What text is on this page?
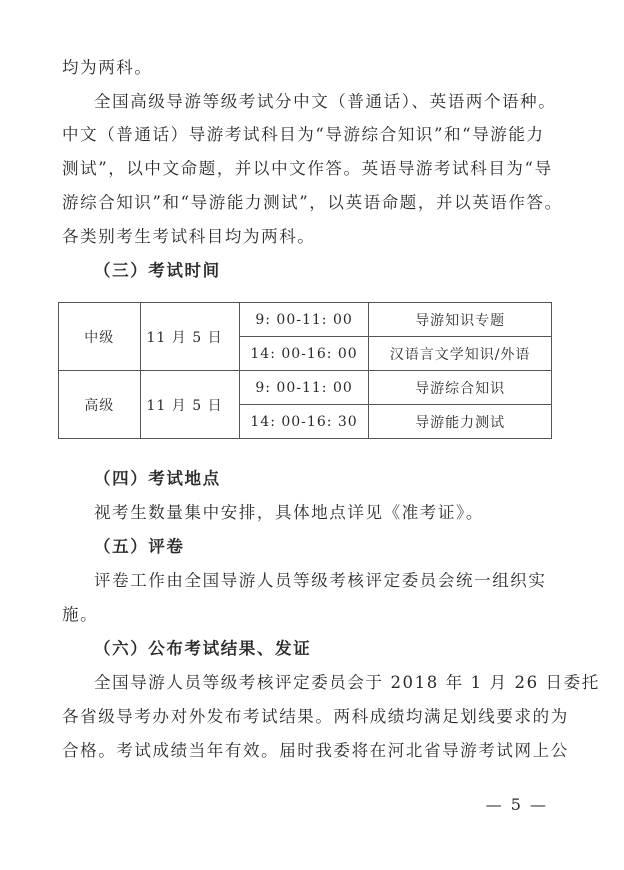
均为两科。
全国高级导游等级考试分中文（普通话）、英语两个语种。
中文（普通话）导游考试科目为“导游综合知识”和“导游能力
测试”，以中文命题，并以中文作答。英语导游考试科目为“导
游综合知识”和“导游能力测试”，以英语命题，并以英语作答。
各类别考生考试科目均为两科。
（三）考试时间
中级	11 月 5 日	9: 00-11: 00	导游知识专题
		14: 00-16: 00	汉语言文学知识/外语
高级	11 月 5 日	9: 00-11: 00	导游综合知识
		14: 00-16: 30	导游能力测试
（四）考试地点
视考生数量集中安排，具体地点详见《准考证》。
（五）评卷
评卷工作由全国导游人员等级考核评定委员会统一组织实
施。
（六）公布考试结果、发证
全国导游人员等级考核评定委员会于 2018 年 1 月 26 日委托
各省级导考办对外发布考试结果。两科成绩均满足划线要求的为
合格。考试成绩当年有效。届时我委将在河北省导游考试网上公
— 5 —
